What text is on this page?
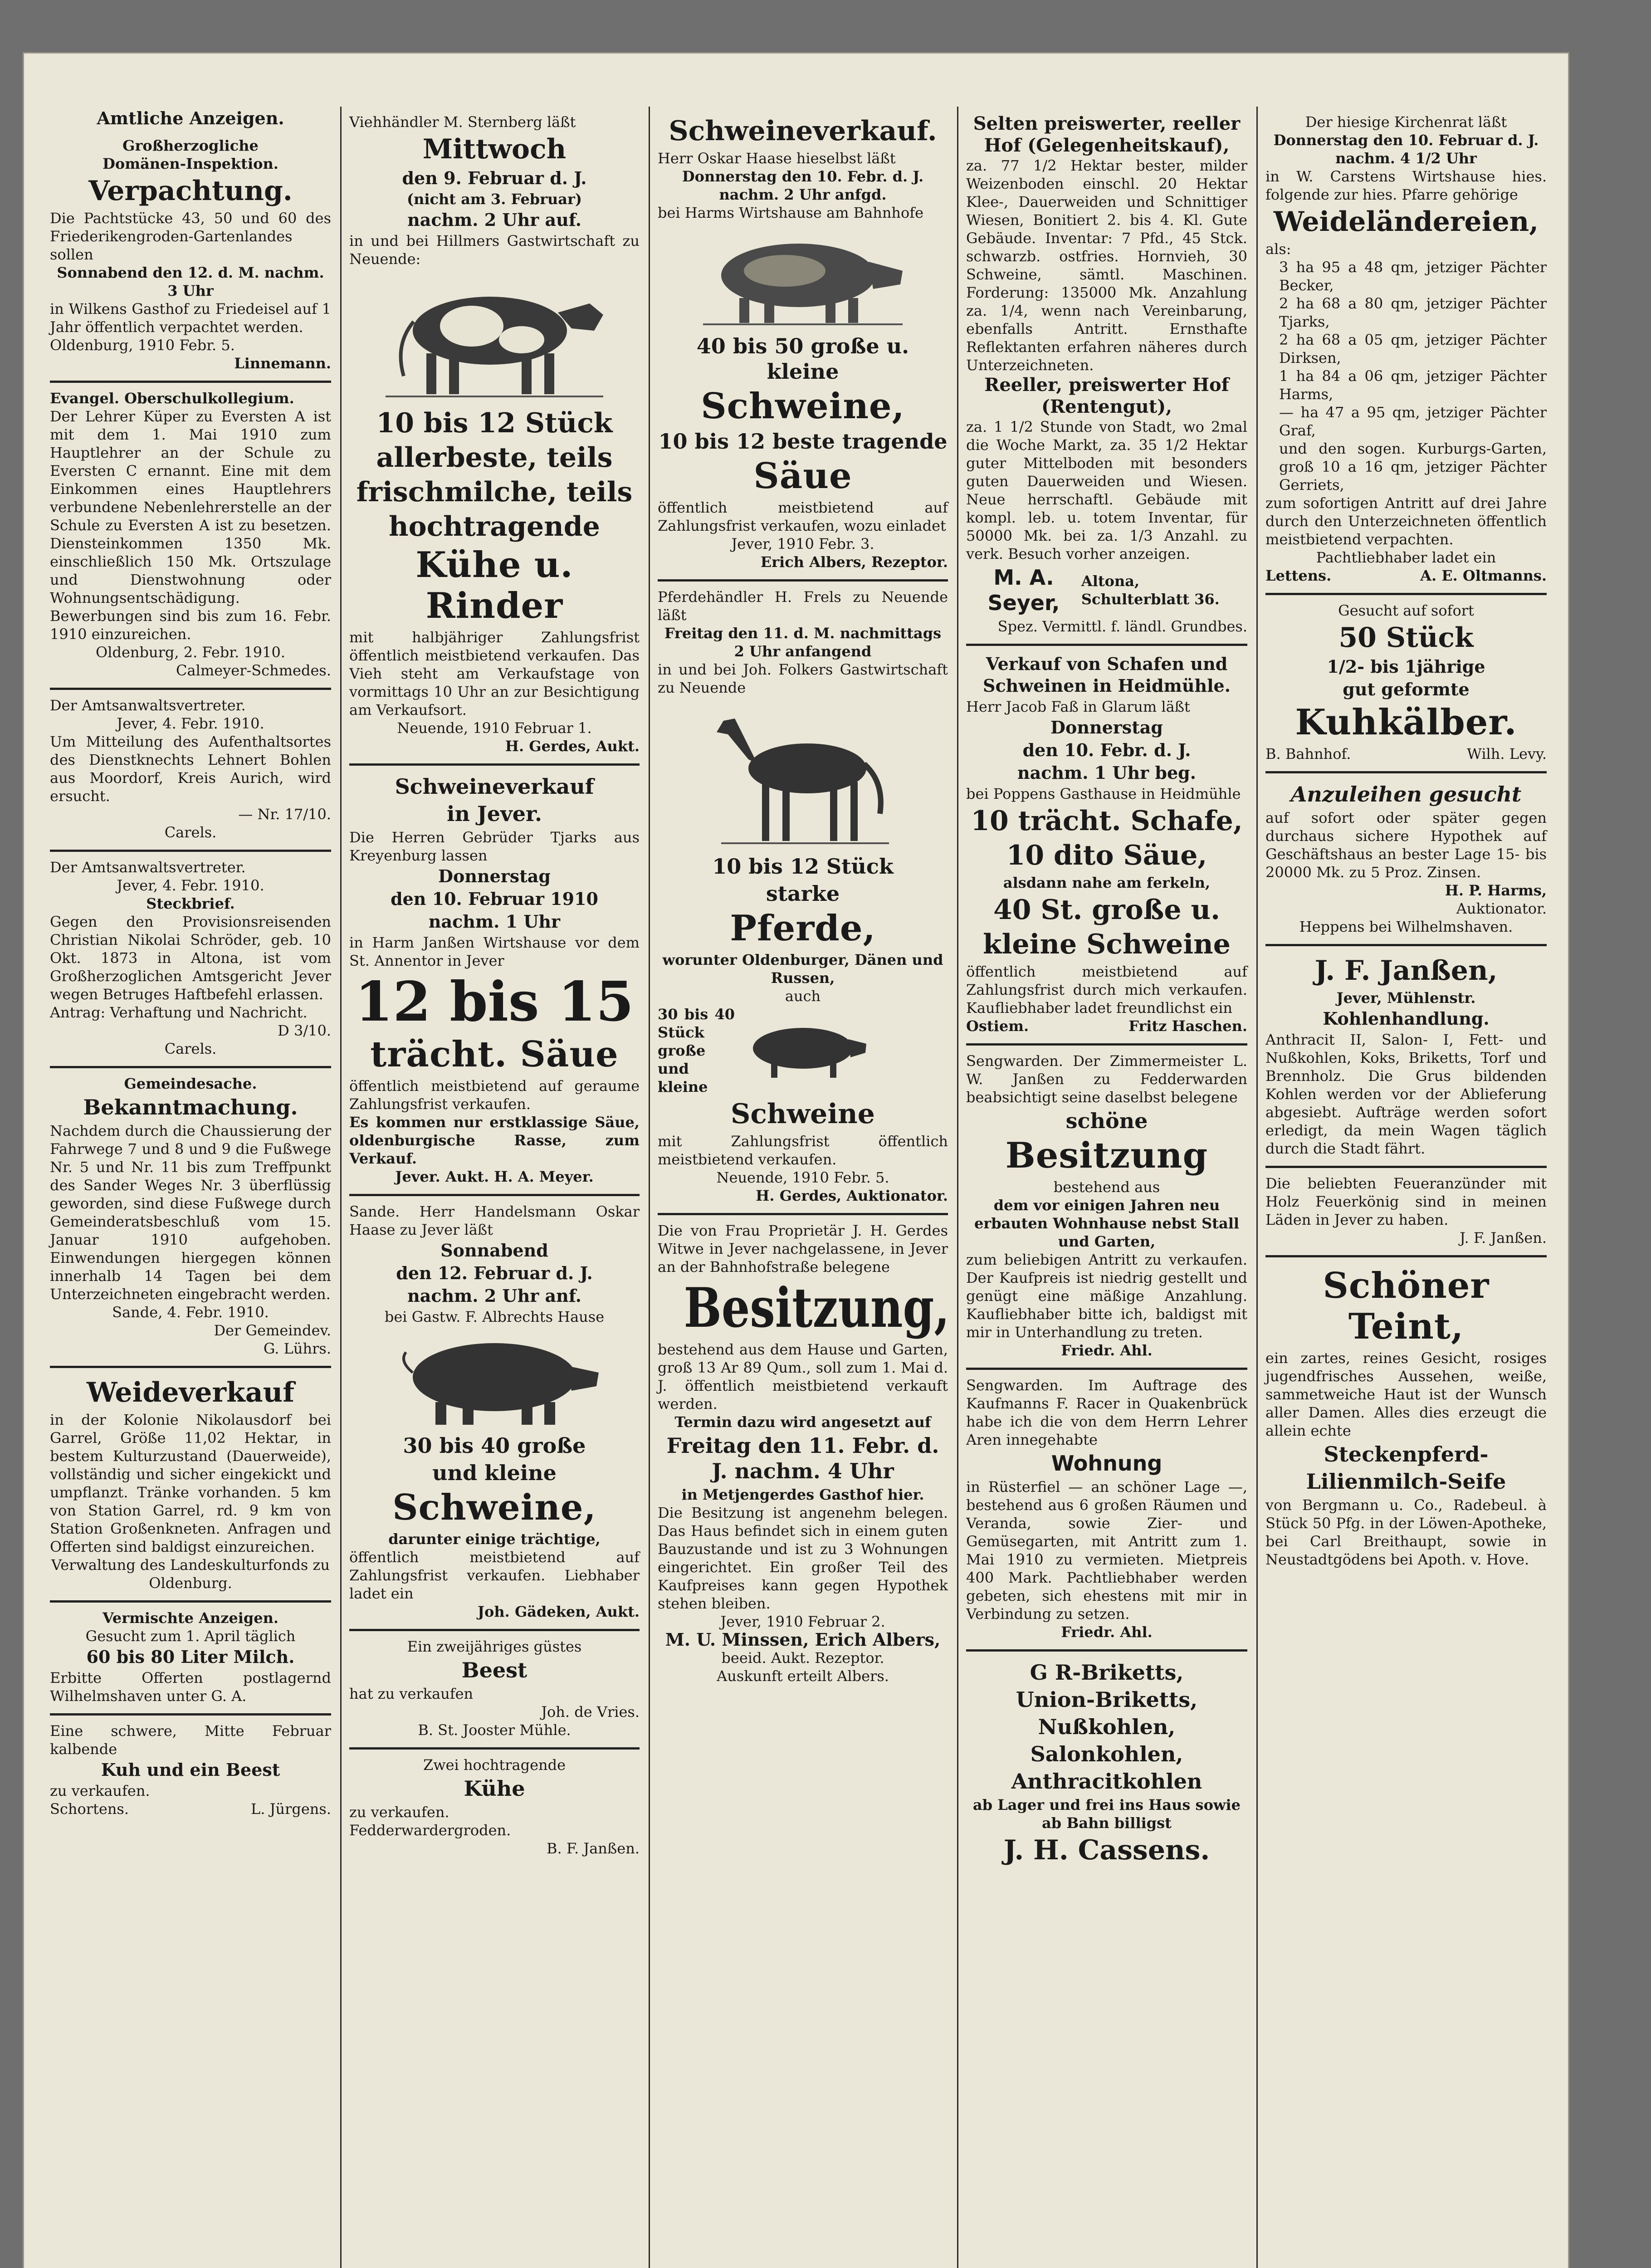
Amtliche Anzeigen.

Großherzogliche

Domänen-Inspektion.

Verpachtung.

Die Pachtstücke 43, 50 und 60 des Friederikengroden-Gartenlandes sollen

Sonnabend den 12. d. M. nachm. 3 Uhr

in Wilkens Gasthof zu Friedeisel auf 1 Jahr öffentlich verpachtet werden.

Oldenburg, 1910 Febr. 5.

Linnemann.

Evangel. Oberschulkollegium.

Der Lehrer Küper zu Eversten A ist mit dem 1. Mai 1910 zum Hauptlehrer an der Schule zu Eversten C ernannt. Eine mit dem Einkommen eines Hauptlehrers verbundene Nebenlehrerstelle an der Schule zu Eversten A ist zu besetzen. Diensteinkommen 1350 Mk. einschließlich 150 Mk. Ortszulage und Dienstwohnung oder Wohnungsentschädigung. Bewerbungen sind bis zum 16. Febr. 1910 einzureichen.

Oldenburg, 2. Febr. 1910.

Calmeyer-Schmedes.

Der Amtsanwaltsvertreter.

Jever, 4. Febr. 1910.

Um Mitteilung des Aufenthaltsortes des Dienstknechts Lehnert Bohlen aus Moordorf, Kreis Aurich, wird ersucht.

— Nr. 17/10.

Carels.

Der Amtsanwaltsvertreter.

Jever, 4. Febr. 1910.

Steckbrief.

Gegen den Provisionsreisenden Christian Nikolai Schröder, geb. 10 Okt. 1873 in Altona, ist vom Großherzoglichen Amtsgericht Jever wegen Betruges Haftbefehl erlassen.

Antrag: Verhaftung und Nachricht.

D 3/10.

Carels.

Gemeindesache.

Bekanntmachung.

Nachdem durch die Chaussierung der Fahrwege 7 und 8 und 9 die Fußwege Nr. 5 und Nr. 11 bis zum Treffpunkt des Sander Weges Nr. 3 überflüssig geworden, sind diese Fußwege durch Gemeinderatsbeschluß vom 15. Januar 1910 aufgehoben. Einwendungen hiergegen können innerhalb 14 Tagen bei dem Unterzeichneten eingebracht werden.

Sande, 4. Febr. 1910.

Der Gemeindev.

G. Lührs.

Weideverkauf

in der Kolonie Nikolausdorf bei Garrel, Größe 11,02 Hektar, in bestem Kulturzustand (Dauerweide), vollständig und sicher eingekickt und umpflanzt. Tränke vorhanden. 5 km von Station Garrel, rd. 9 km von Station Großenkneten. Anfragen und Offerten sind baldigst einzureichen.

Verwaltung des Landeskulturfonds zu Oldenburg.

Vermischte Anzeigen.

Gesucht zum 1. April täglich

60 bis 80 Liter Milch.

Erbitte Offerten postlagernd Wilhelmshaven unter G. A.

Eine schwere, Mitte Februar kalbende

Kuh und ein Beest

zu verkaufen.

Schortens.	L. Jürgens.

Viehhändler M. Sternberg läßt

Mittwoch
den 9. Februar d. J.

(nicht am 3. Februar)

nachm. 2 Uhr auf.

in und bei Hillmers Gastwirtschaft zu Neuende:

10 bis 12 Stück
allerbeste, teils
frischmilche, teils
hochtragende
Kühe u. Rinder

mit halbjähriger Zahlungsfrist öffentlich meistbietend verkaufen. Das Vieh steht am Verkaufstage von vormittags 10 Uhr an zur Besichtigung am Verkaufsort.

Neuende, 1910 Februar 1.

H. Gerdes, Aukt.

Schweineverkauf
in Jever.

Die Herren Gebrüder Tjarks aus Kreyenburg lassen

Donnerstag
den 10. Februar 1910
nachm. 1 Uhr

in Harm Janßen Wirtshause vor dem St. Annentor in Jever

12 bis 15
trächt. Säue

öffentlich meistbietend auf geraume Zahlungsfrist verkaufen.

Es kommen nur erstklassige Säue, oldenburgische Rasse, zum Verkauf.

Jever. Aukt. H. A. Meyer.

Sande. Herr Handelsmann Oskar Haase zu Jever läßt

Sonnabend
den 12. Februar d. J.
nachm. 2 Uhr anf.

bei Gastw. F. Albrechts Hause

30 bis 40 große
und kleine
Schweine,

darunter einige trächtige,

öffentlich meistbietend auf Zahlungsfrist verkaufen. Liebhaber ladet ein

Joh. Gädeken, Aukt.

Ein zweijähriges güstes

Beest

hat zu verkaufen

Joh. de Vries.

B. St. Jooster Mühle.

Zwei hochtragende

Kühe

zu verkaufen.

Fedderwardergroden.

B. F. Janßen.

Schweineverkauf.

Herr Oskar Haase hieselbst läßt

Donnerstag den 10. Febr. d. J. nachm. 2 Uhr anfgd.

bei Harms Wirtshause am Bahnhofe

40 bis 50 große u. kleine
Schweine,
10 bis 12 beste tragende
Säue

öffentlich meistbietend auf Zahlungsfrist verkaufen, wozu einladet

Jever, 1910 Febr. 3.

Erich Albers, Rezeptor.

Pferdehändler H. Frels zu Neuende läßt

Freitag den 11. d. M. nachmittags 2 Uhr anfangend

in und bei Joh. Folkers Gastwirtschaft zu Neuende

10 bis 12 Stück
starke
Pferde,

worunter Oldenburger, Dänen und Russen,

auch

30 bis 40 Stück große und kleine

Schweine

mit Zahlungsfrist öffentlich meistbietend verkaufen.

Neuende, 1910 Febr. 5.

H. Gerdes, Auktionator.

Die von Frau Proprietär J. H. Gerdes Witwe in Jever nachgelassene, in Jever an der Bahnhofstraße belegene

Besitzung,

bestehend aus dem Hause und Garten, groß 13 Ar 89 Qum., soll zum 1. Mai d. J. öffentlich meistbietend verkauft werden.

Termin dazu wird angesetzt auf

Freitag den 11. Febr. d. J. nachm. 4 Uhr

in Metjengerdes Gasthof hier.

Die Besitzung ist angenehm belegen. Das Haus befindet sich in einem guten Bauzustande und ist zu 3 Wohnungen eingerichtet. Ein großer Teil des Kaufpreises kann gegen Hypothek stehen bleiben.

Jever, 1910 Februar 2.

M. U. Minssen, Erich Albers,

beeid. Aukt. Rezeptor.

Auskunft erteilt Albers.

Selten preiswerter, reeller Hof (Gelegenheitskauf),

za. 77 1/2 Hektar bester, milder Weizenboden einschl. 20 Hektar Klee-, Dauerweiden und Schnittiger Wiesen, Bonitiert 2. bis 4. Kl. Gute Gebäude. Inventar: 7 Pfd., 45 Stck. schwarzb. ostfries. Hornvieh, 30 Schweine, sämtl. Maschinen. Forderung: 135000 Mk. Anzahlung za. 1/4, wenn nach Vereinbarung, ebenfalls Antritt. Ernsthafte Reflektanten erfahren näheres durch Unterzeichneten.

Reeller, preiswerter Hof (Rentengut),

za. 1 1/2 Stunde von Stadt, wo 2mal die Woche Markt, za. 35 1/2 Hektar guter Mittelboden mit besonders guten Dauerweiden und Wiesen. Neue herrschaftl. Gebäude mit kompl. leb. u. totem Inventar, für 50000 Mk. bei za. 1/3 Anzahl. zu verk. Besuch vorher anzeigen.

M. A. Seyer,
Altona, Schulterblatt 36.

Spez. Vermittl. f. ländl. Grundbes.

Verkauf von Schafen und Schweinen in Heidmühle.

Herr Jacob Faß in Glarum läßt

Donnerstag
den 10. Febr. d. J.
nachm. 1 Uhr beg.

bei Poppens Gasthause in Heidmühle

10 trächt. Schafe,
10 dito Säue,

alsdann nahe am ferkeln,

40 St. große u.
kleine Schweine

öffentlich meistbietend auf Zahlungsfrist durch mich verkaufen. Kaufliebhaber ladet freundlichst ein

Ostiem.	Fritz Haschen.

Sengwarden. Der Zimmermeister L. W. Janßen zu Fedderwarden beabsichtigt seine daselbst belegene

schöne
Besitzung

bestehend aus

dem vor einigen Jahren neu erbauten Wohnhause nebst Stall und Garten,

zum beliebigen Antritt zu verkaufen. Der Kaufpreis ist niedrig gestellt und genügt eine mäßige Anzahlung. Kaufliebhaber bitte ich, baldigst mit mir in Unterhandlung zu treten.

Friedr. Ahl.

Sengwarden. Im Auftrage des Kaufmanns F. Racer in Quakenbrück habe ich die von dem Herrn Lehrer Aren innegehabte

Wohnung

in Rüsterfiel — an schöner Lage —, bestehend aus 6 großen Räumen und Veranda, sowie Zier- und Gemüsegarten, mit Antritt zum 1. Mai 1910 zu vermieten. Mietpreis 400 Mark. Pachtliebhaber werden gebeten, sich ehestens mit mir in Verbindung zu setzen.

Friedr. Ahl.

G R-Briketts,
Union-Briketts,
Nußkohlen,
Salonkohlen,
Anthracitkohlen

ab Lager und frei ins Haus sowie ab Bahn billigst

J. H. Cassens.

Der hiesige Kirchenrat läßt

Donnerstag den 10. Februar d. J. nachm. 4 1/2 Uhr

in W. Carstens Wirtshause hies. folgende zur hies. Pfarre gehörige

Weideländereien,

als:

3 ha 95 a 48 qm, jetziger Pächter Becker,

2 ha 68 a 80 qm, jetziger Pächter Tjarks,

2 ha 68 a 05 qm, jetziger Pächter Dirksen,

1 ha 84 a 06 qm, jetziger Pächter Harms,

— ha 47 a 95 qm, jetziger Pächter Graf,

und den sogen. Kurburgs-Garten, groß 10 a 16 qm, jetziger Pächter Gerriets,

zum sofortigen Antritt auf drei Jahre durch den Unterzeichneten öffentlich meistbietend verpachten.

Pachtliebhaber ladet ein

Lettens.	A. E. Oltmanns.

Gesucht auf sofort

50 Stück
1/2- bis 1jährige
gut geformte
Kuhkälber.
B. Bahnhof.	Wilh. Levy.
Anzuleihen gesucht

auf sofort oder später gegen durchaus sichere Hypothek auf Geschäftshaus an bester Lage 15- bis 20000 Mk. zu 5 Proz. Zinsen.

H. P. Harms,

Auktionator.

Heppens bei Wilhelmshaven.

J. F. Janßen,

Jever, Mühlenstr.

Kohlenhandlung.

Anthracit II, Salon- I, Fett- und Nußkohlen, Koks, Briketts, Torf und Brennholz. Die Grus bildenden Kohlen werden vor der Ablieferung abgesiebt. Aufträge werden sofort erledigt, da mein Wagen täglich durch die Stadt fährt.

Die beliebten Feueranzünder mit Holz Feuerkönig sind in meinen Läden in Jever zu haben.

J. F. Janßen.

Schöner Teint,

ein zartes, reines Gesicht, rosiges jugendfrisches Aussehen, weiße, sammetweiche Haut ist der Wunsch aller Damen. Alles dies erzeugt die allein echte

Steckenpferd-
Lilienmilch-Seife

von Bergmann u. Co., Radebeul. à Stück 50 Pfg. in der Löwen-Apotheke, bei Carl Breithaupt, sowie in Neustadtgödens bei Apoth. v. Hove.
